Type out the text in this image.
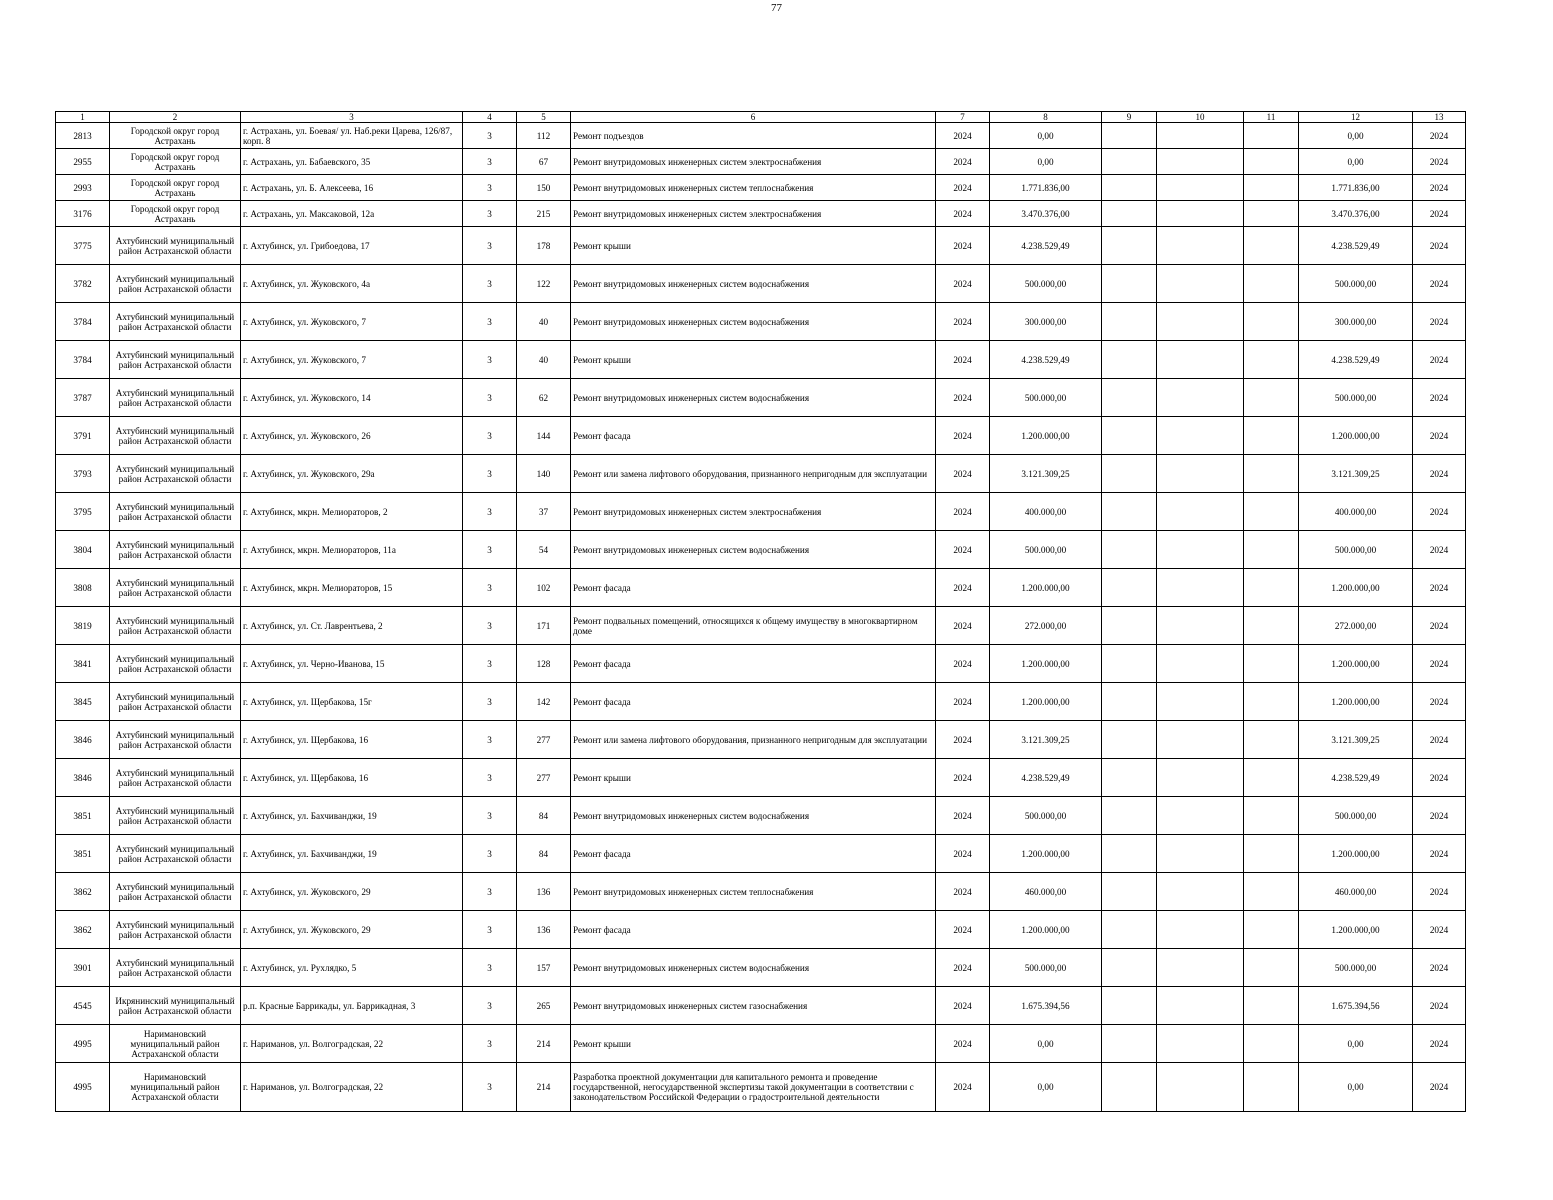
77
1	2	3	4	5	6	7	8	9	10	11	12	13
2813	Городской округ город Астрахань	г. Астрахань, ул. Боевая/ ул. Наб.реки Царева, 126/87, корп. 8	3	112	Ремонт подъездов	2024	0,00				0,00	2024
2955	Городской округ город Астрахань	г. Астрахань, ул. Бабаевского, 35	3	67	Ремонт внутридомовых инженерных систем электроснабжения	2024	0,00				0,00	2024
2993	Городской округ город Астрахань	г. Астрахань, ул. Б. Алексеева, 16	3	150	Ремонт внутридомовых инженерных систем теплоснабжения	2024	1.771.836,00				1.771.836,00	2024
3176	Городской округ город Астрахань	г. Астрахань, ул. Максаковой, 12а	3	215	Ремонт внутридомовых инженерных систем электроснабжения	2024	3.470.376,00				3.470.376,00	2024
3775	Ахтубинский муниципальный район Астраханской области	г. Ахтубинск, ул. Грибоедова, 17	3	178	Ремонт крыши	2024	4.238.529,49				4.238.529,49	2024
3782	Ахтубинский муниципальный район Астраханской области	г. Ахтубинск, ул. Жуковского, 4а	3	122	Ремонт внутридомовых инженерных систем водоснабжения	2024	500.000,00				500.000,00	2024
3784	Ахтубинский муниципальный район Астраханской области	г. Ахтубинск, ул. Жуковского, 7	3	40	Ремонт внутридомовых инженерных систем водоснабжения	2024	300.000,00				300.000,00	2024
3784	Ахтубинский муниципальный район Астраханской области	г. Ахтубинск, ул. Жуковского, 7	3	40	Ремонт крыши	2024	4.238.529,49				4.238.529,49	2024
3787	Ахтубинский муниципальный район Астраханской области	г. Ахтубинск, ул. Жуковского, 14	3	62	Ремонт внутридомовых инженерных систем водоснабжения	2024	500.000,00				500.000,00	2024
3791	Ахтубинский муниципальный район Астраханской области	г. Ахтубинск, ул. Жуковского, 26	3	144	Ремонт фасада	2024	1.200.000,00				1.200.000,00	2024
3793	Ахтубинский муниципальный район Астраханской области	г. Ахтубинск, ул. Жуковского, 29а	3	140	Ремонт или замена лифтового оборудования, признанного непригодным для эксплуатации	2024	3.121.309,25				3.121.309,25	2024
3795	Ахтубинский муниципальный район Астраханской области	г. Ахтубинск, мкрн. Мелиораторов, 2	3	37	Ремонт внутридомовых инженерных систем электроснабжения	2024	400.000,00				400.000,00	2024
3804	Ахтубинский муниципальный район Астраханской области	г. Ахтубинск, мкрн. Мелиораторов, 11а	3	54	Ремонт внутридомовых инженерных систем водоснабжения	2024	500.000,00				500.000,00	2024
3808	Ахтубинский муниципальный район Астраханской области	г. Ахтубинск, мкрн. Мелиораторов, 15	3	102	Ремонт фасада	2024	1.200.000,00				1.200.000,00	2024
3819	Ахтубинский муниципальный район Астраханской области	г. Ахтубинск, ул. Ст. Лаврентьева, 2	3	171	Ремонт подвальных помещений, относящихся к общему имуществу в многоквартирном доме	2024	272.000,00				272.000,00	2024
3841	Ахтубинский муниципальный район Астраханской области	г. Ахтубинск, ул. Черно-Иванова, 15	3	128	Ремонт фасада	2024	1.200.000,00				1.200.000,00	2024
3845	Ахтубинский муниципальный район Астраханской области	г. Ахтубинск, ул. Щербакова, 15г	3	142	Ремонт фасада	2024	1.200.000,00				1.200.000,00	2024
3846	Ахтубинский муниципальный район Астраханской области	г. Ахтубинск, ул. Щербакова, 16	3	277	Ремонт или замена лифтового оборудования, признанного непригодным для эксплуатации	2024	3.121.309,25				3.121.309,25	2024
3846	Ахтубинский муниципальный район Астраханской области	г. Ахтубинск, ул. Щербакова, 16	3	277	Ремонт крыши	2024	4.238.529,49				4.238.529,49	2024
3851	Ахтубинский муниципальный район Астраханской области	г. Ахтубинск, ул. Бахчиванджи, 19	3	84	Ремонт внутридомовых инженерных систем водоснабжения	2024	500.000,00				500.000,00	2024
3851	Ахтубинский муниципальный район Астраханской области	г. Ахтубинск, ул. Бахчиванджи, 19	3	84	Ремонт фасада	2024	1.200.000,00				1.200.000,00	2024
3862	Ахтубинский муниципальный район Астраханской области	г. Ахтубинск, ул. Жуковского, 29	3	136	Ремонт внутридомовых инженерных систем теплоснабжения	2024	460.000,00				460.000,00	2024
3862	Ахтубинский муниципальный район Астраханской области	г. Ахтубинск, ул. Жуковского, 29	3	136	Ремонт фасада	2024	1.200.000,00				1.200.000,00	2024
3901	Ахтубинский муниципальный район Астраханской области	г. Ахтубинск, ул. Рухлядко, 5	3	157	Ремонт внутридомовых инженерных систем водоснабжения	2024	500.000,00				500.000,00	2024
4545	Икрянинский муниципальный район Астраханской области	р.п. Красные Баррикады, ул. Баррикадная, 3	3	265	Ремонт внутридомовых инженерных систем газоснабжения	2024	1.675.394,56				1.675.394,56	2024
4995	Наримановский муниципальный район Астраханской области	г. Нариманов, ул. Волгоградская, 22	3	214	Ремонт крыши	2024	0,00				0,00	2024
4995	Наримановский муниципальный район Астраханской области	г. Нариманов, ул. Волгоградская, 22	3	214	Разработка проектной документации для капитального ремонта и проведение государственной, негосударственной экспертизы такой документации в соответствии с законодательством Российской Федерации о градостроительной деятельности	2024	0,00				0,00	2024
